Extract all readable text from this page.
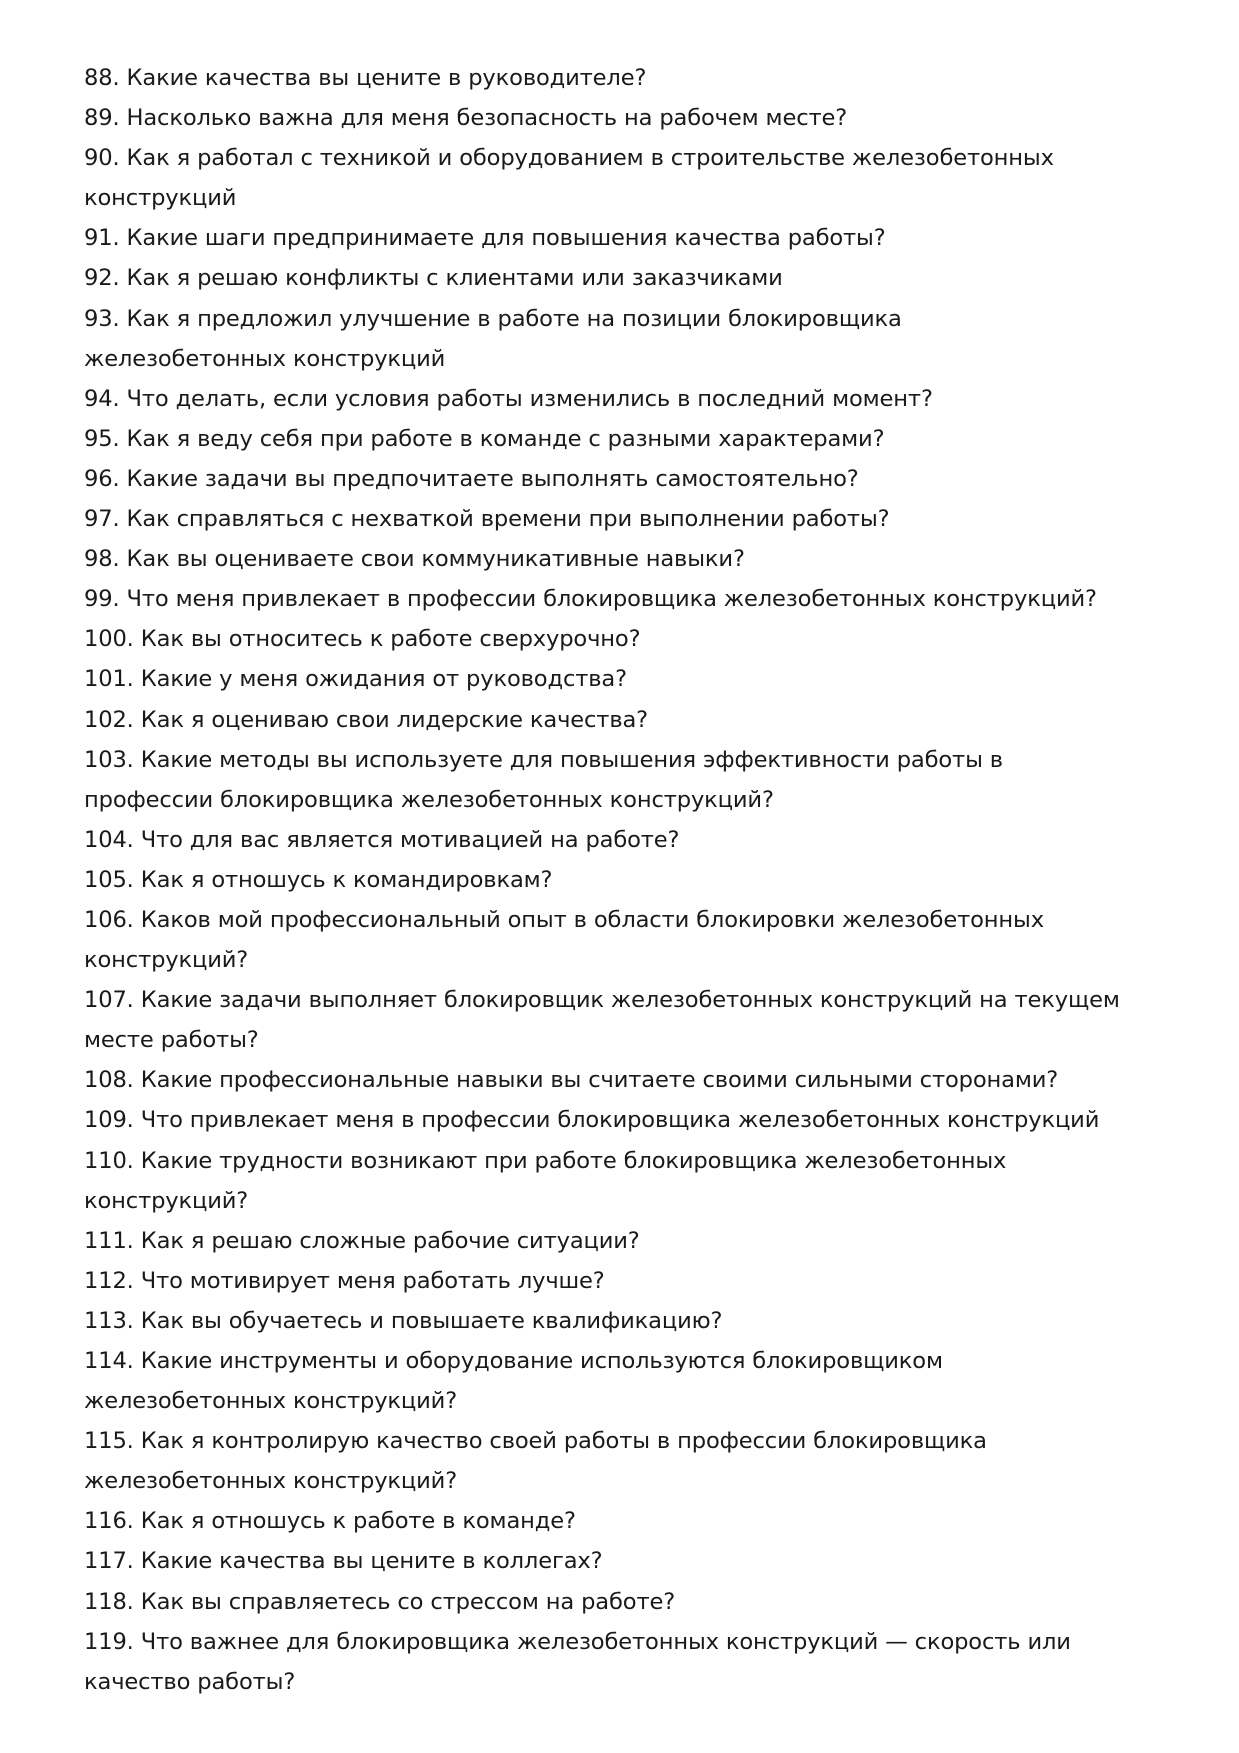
88. Какие качества вы цените в руководителе?

89. Насколько важна для меня безопасность на рабочем месте?

90. Как я работал с техникой и оборудованием в строительстве железобетонных конструкций

91. Какие шаги предпринимаете для повышения качества работы?

92. Как я решаю конфликты с клиентами или заказчиками

93. Как я предложил улучшение в работе на позиции блокировщика железобетонных конструкций

94. Что делать, если условия работы изменились в последний момент?

95. Как я веду себя при работе в команде с разными характерами?

96. Какие задачи вы предпочитаете выполнять самостоятельно?

97. Как справляться с нехваткой времени при выполнении работы?

98. Как вы оцениваете свои коммуникативные навыки?

99. Что меня привлекает в профессии блокировщика железобетонных конструкций?

100. Как вы относитесь к работе сверхурочно?

101. Какие у меня ожидания от руководства?

102. Как я оцениваю свои лидерские качества?

103. Какие методы вы используете для повышения эффективности работы в профессии блокировщика железобетонных конструкций?

104. Что для вас является мотивацией на работе?

105. Как я отношусь к командировкам?

106. Каков мой профессиональный опыт в области блокировки железобетонных конструкций?

107. Какие задачи выполняет блокировщик железобетонных конструкций на текущем месте работы?

108. Какие профессиональные навыки вы считаете своими сильными сторонами?

109. Что привлекает меня в профессии блокировщика железобетонных конструкций

110. Какие трудности возникают при работе блокировщика железобетонных конструкций?

111. Как я решаю сложные рабочие ситуации?

112. Что мотивирует меня работать лучше?

113. Как вы обучаетесь и повышаете квалификацию?

114. Какие инструменты и оборудование используются блокировщиком железобетонных конструкций?

115. Как я контролирую качество своей работы в профессии блокировщика железобетонных конструкций?

116. Как я отношусь к работе в команде?

117. Какие качества вы цените в коллегах?

118. Как вы справляетесь со стрессом на работе?

119. Что важнее для блокировщика железобетонных конструкций — скорость или качество работы?
